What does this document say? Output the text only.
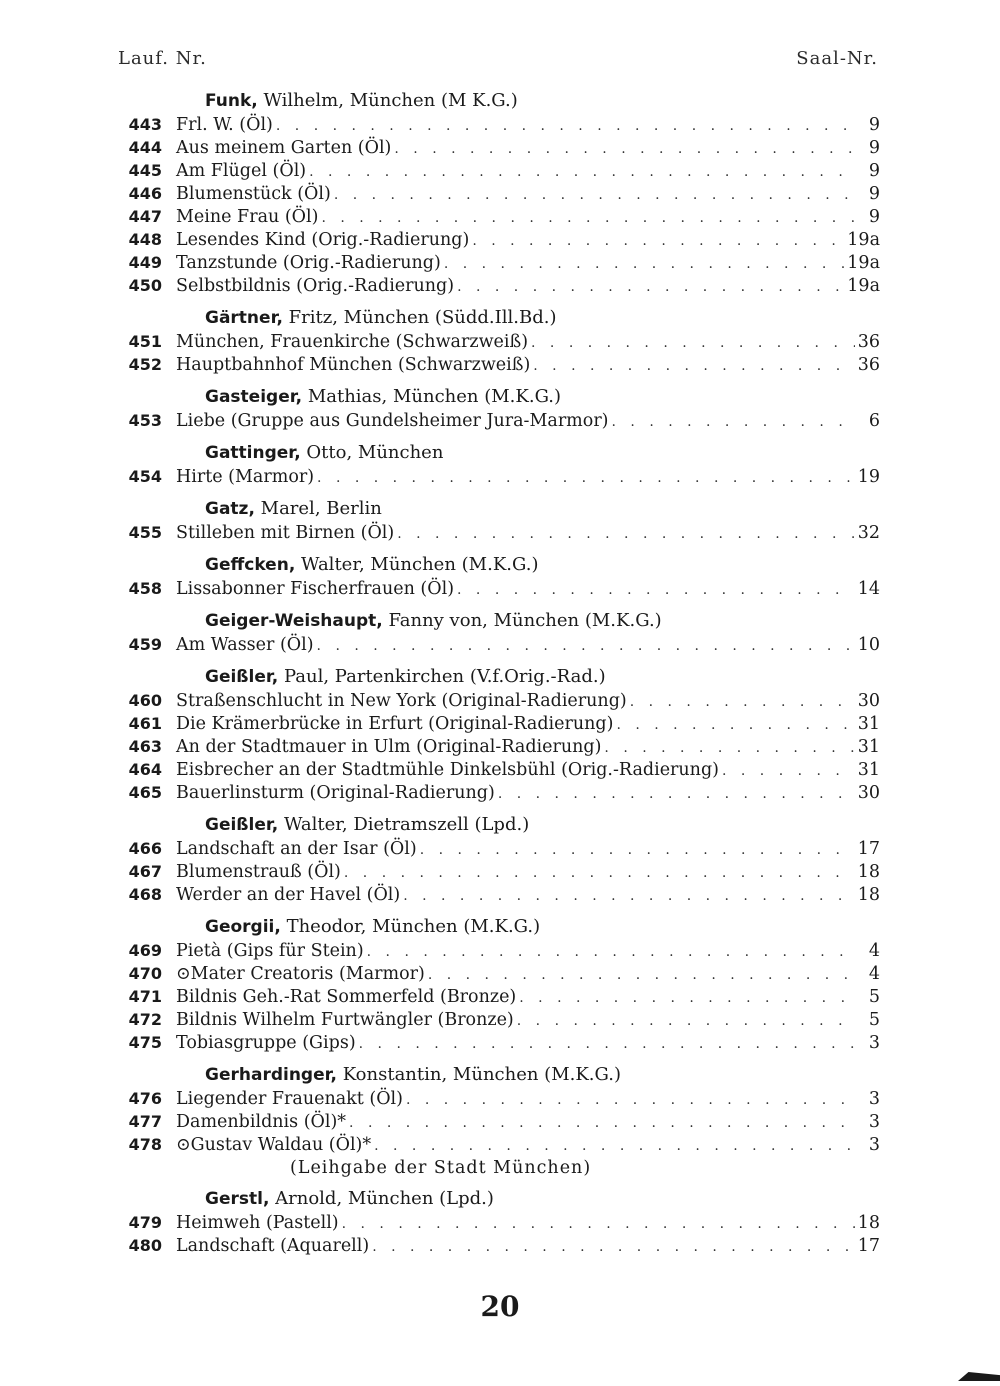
Lauf. Nr.	Saal-Nr.
Funk, Wilhelm, München (M K.G.)
443 Frl. W. (Öl) . . .	9
444 Aus meinem Garten (Öl) . . .	9
445 Am Flügel (Öl) . . .	9
446 Blumenstück (Öl) . . .	9
447 Meine Frau (Öl) . . .	9
448 Lesendes Kind (Orig.-Radierung) . . .	19a
449 Tanzstunde (Orig.-Radierung) . . .	19a
450 Selbstbildnis (Orig.-Radierung) . . .	19a
Gärtner, Fritz, München (Südd.Ill.Bd.)
451 München, Frauenkirche (Schwarzweiß) . . .	36
452 Hauptbahnhof München (Schwarzweiß) . . .	36
Gasteiger, Mathias, München (M.K.G.)
453 Liebe (Gruppe aus Gundelsheimer Jura-Marmor) . . .	6
Gattinger, Otto, München
454 Hirte (Marmor) . . .	19
Gatz, Marel, Berlin
455 Stilleben mit Birnen (Öl) . . .	32
Geffcken, Walter, München (M.K.G.)
458 Lissabonner Fischerfrauen (Öl) . . .	14
Geiger-Weishaupt, Fanny von, München (M.K.G.)
459 Am Wasser (Öl) . . .	10
Geißler, Paul, Partenkirchen (V.f.Orig.-Rad.)
460 Straßenschlucht in New York (Original-Radierung) . . .	30
461 Die Krämerbrücke in Erfurt (Original-Radierung) . . .	31
463 An der Stadtmauer in Ulm (Original-Radierung) . . .	31
464 Eisbrecher an der Stadtmühle Dinkelsbühl (Orig.-Radierung) . . .	31
465 Bauerlinsturm (Original-Radierung) . . .	30
Geißler, Walter, Dietramszell (Lpd.)
466 Landschaft an der Isar (Öl) . . .	17
467 Blumenstrauß (Öl) . . .	18
468 Werder an der Havel (Öl) . . .	18
Georgii, Theodor, München (M.K.G.)
469 Pietà (Gips für Stein) . . .	4
470 ⊙Mater Creatoris (Marmor) . . .	4
471 Bildnis Geh.-Rat Sommerfeld (Bronze) . . .	5
472 Bildnis Wilhelm Furtwängler (Bronze) . . .	5
475 Tobiasgruppe (Gips) . . .	3
Gerhardinger, Konstantin, München (M.K.G.)
476 Liegender Frauenakt (Öl) . . .	3
477 Damenbildnis (Öl)* . . .	3
478 ⊙Gustav Waldau (Öl)* . . .	3
(Leihgabe der Stadt München)
Gerstl, Arnold, München (Lpd.)
479 Heimweh (Pastell) . . .	18
480 Landschaft (Aquarell) . . .	17
20
